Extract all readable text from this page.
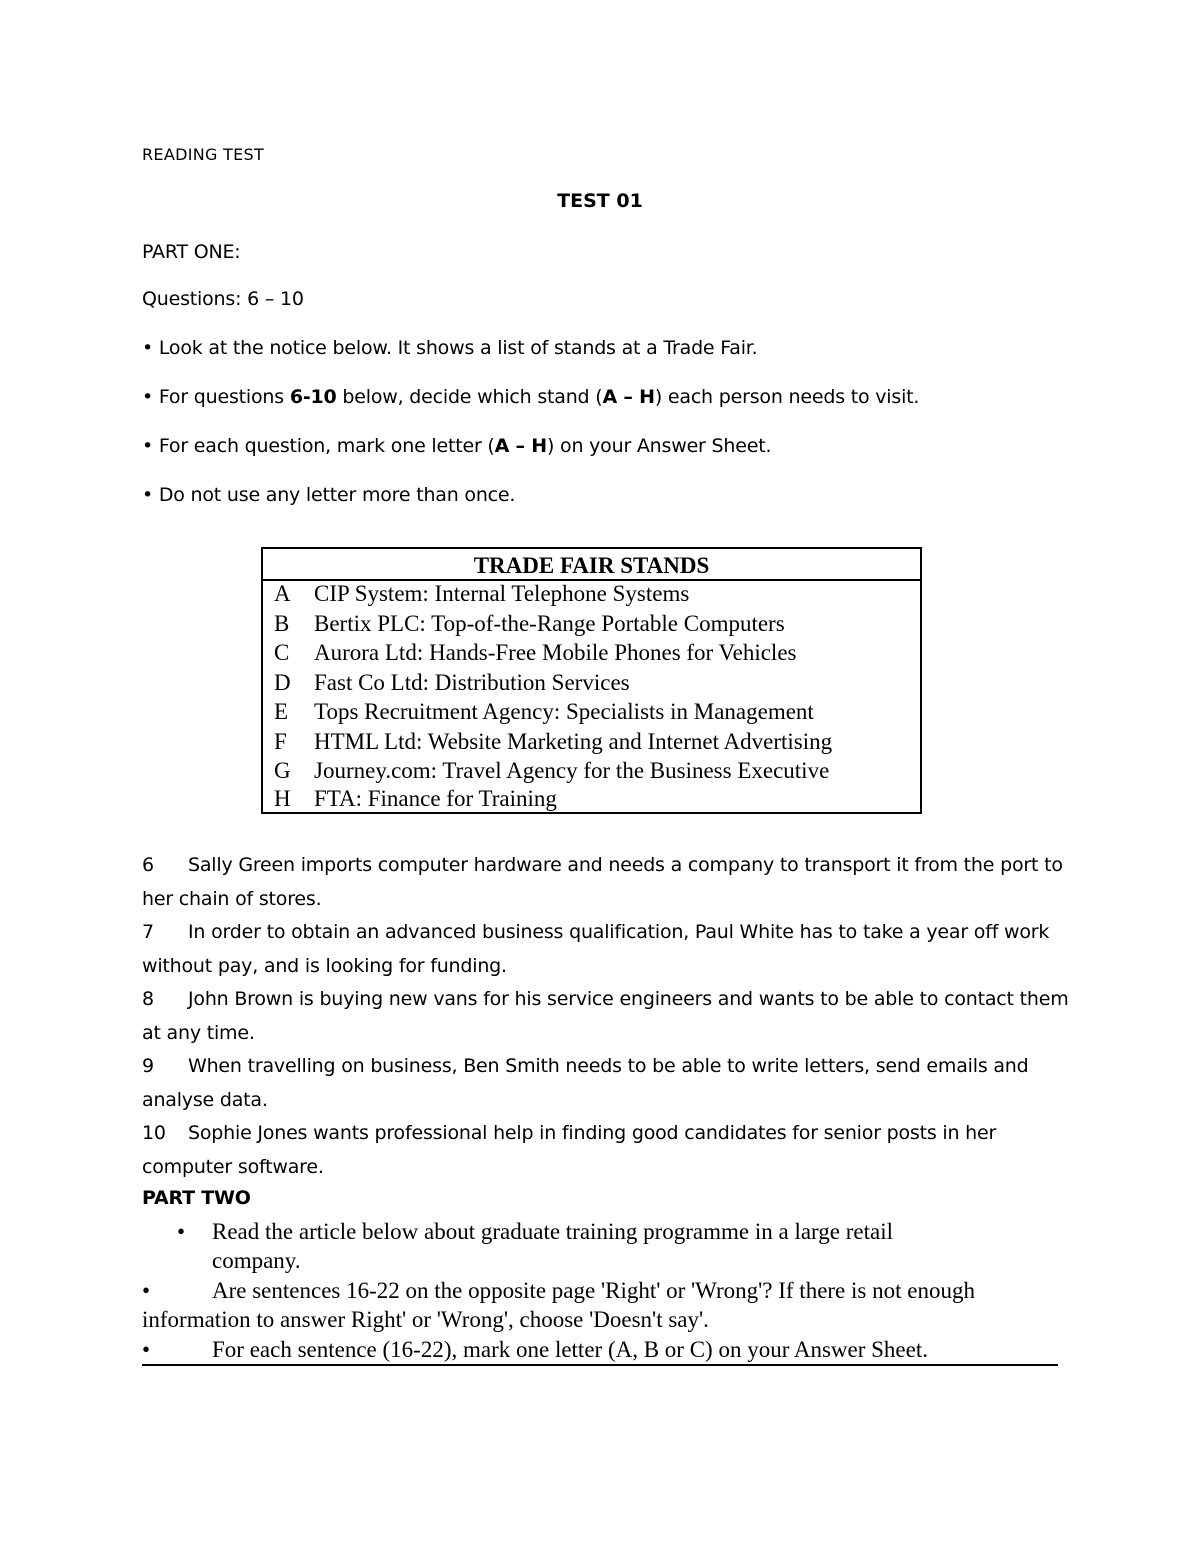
READING TEST
TEST 01
PART ONE:
Questions: 6 – 10
• Look at the notice below. It shows a list of stands at a Trade Fair.
• For questions 6-10 below, decide which stand (A – H) each person needs to visit.
• For each question, mark one letter (A – H) on your Answer Sheet.
• Do not use any letter more than once.
TRADE FAIR STANDS
A CIP System: Internal Telephone Systems
B Bertix PLC: Top-of-the-Range Portable Computers
C Aurora Ltd: Hands-Free Mobile Phones for Vehicles
D Fast Co Ltd: Distribution Services
E Tops Recruitment Agency: Specialists in Management
F HTML Ltd: Website Marketing and Internet Advertising
G Journey.com: Travel Agency for the Business Executive
H FTA: Finance for Training
6 Sally Green imports computer hardware and needs a company to transport it from the port to her chain of stores.
7 In order to obtain an advanced business qualification, Paul White has to take a year off work without pay, and is looking for funding.
8 John Brown is buying new vans for his service engineers and wants to be able to contact them at any time.
9 When travelling on business, Ben Smith needs to be able to write letters, send emails and analyse data.
10 Sophie Jones wants professional help in finding good candidates for senior posts in her computer software.
PART TWO
• Read the article below about graduate training programme in a large retail
company.
•	Are sentences 16-22 on the opposite page 'Right' or 'Wrong'? If there is not enough
information to answer Right' or 'Wrong', choose 'Doesn't say'.
•	For each sentence (16-22), mark one letter (A, B or C) on your Answer Sheet.
